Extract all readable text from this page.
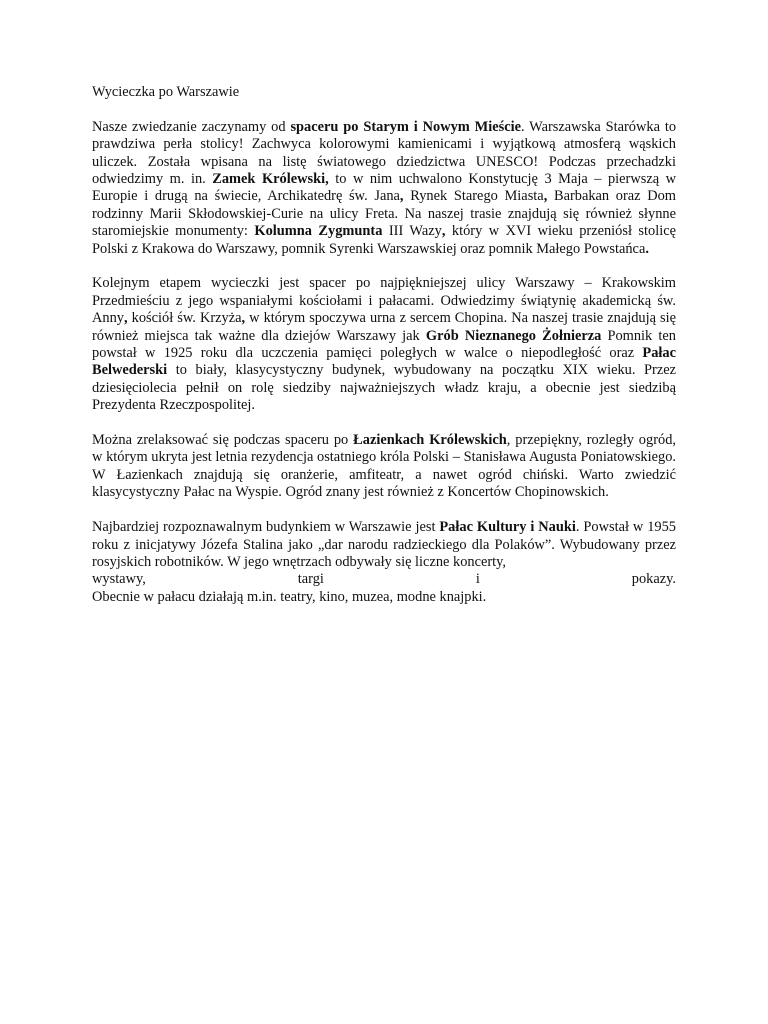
Wycieczka po Warszawie

Nasze zwiedzanie zaczynamy od spaceru po Starym i Nowym Mieście. Warszawska Starówka to prawdziwa perła stolicy! Zachwyca kolorowymi kamienicami i wyjątkową atmosferą wąskich uliczek. Została wpisana na listę światowego dziedzictwa UNESCO! Podczas przechadzki odwiedzimy m. in. Zamek Królewski, to w nim uchwalono Konstytucję 3 Maja – pierwszą w Europie i drugą na świecie, Archikatedrę św. Jana, Rynek Starego Miasta, Barbakan oraz Dom rodzinny Marii Skłodowskiej-Curie na ulicy Freta. Na naszej trasie znajdują się również słynne staromiejskie monumenty: Kolumna Zygmunta III Wazy, który w XVI wieku przeniósł stolicę Polski z Krakowa do Warszawy, pomnik Syrenki Warszawskiej oraz pomnik Małego Powstańca.

Kolejnym etapem wycieczki jest spacer po najpiękniejszej ulicy Warszawy – Krakowskim Przedmieściu z jego wspaniałymi kościołami i pałacami. Odwiedzimy świątynię akademicką św. Anny, kościół św. Krzyża, w którym spoczywa urna z sercem Chopina. Na naszej trasie znajdują się również miejsca tak ważne dla dziejów Warszawy jak Grób Nieznanego Żołnierza Pomnik ten powstał w 1925 roku dla uczczenia pamięci poległych w walce o niepodległość oraz Pałac Belwederski to biały, klasycystyczny budynek, wybudowany na początku XIX wieku. Przez dziesięciolecia pełnił on rolę siedziby najważniejszych władz kraju, a obecnie jest siedzibą Prezydenta Rzeczpospolitej.

Można zrelaksować się podczas spaceru po Łazienkach Królewskich, przepiękny, rozległy ogród, w którym ukryta jest letnia rezydencja ostatniego króla Polski – Stanisława Augusta Poniatowskiego. W Łazienkach znajdują się oranżerie, amfiteatr, a nawet ogród chiński. Warto zwiedzić klasycystyczny Pałac na Wyspie. Ogród znany jest również z Koncertów Chopinowskich.

Najbardziej rozpoznawalnym budynkiem w Warszawie jest Pałac Kultury i Nauki. Powstał w 1955 roku z inicjatywy Józefa Stalina jako „dar narodu radzieckiego dla Polaków”. Wybudowany przez rosyjskich robotników. W jego wnętrzach odbywały się liczne koncerty,
wystawy, targi i pokazy.
Obecnie w pałacu działają m.in. teatry, kino, muzea, modne knajpki.
